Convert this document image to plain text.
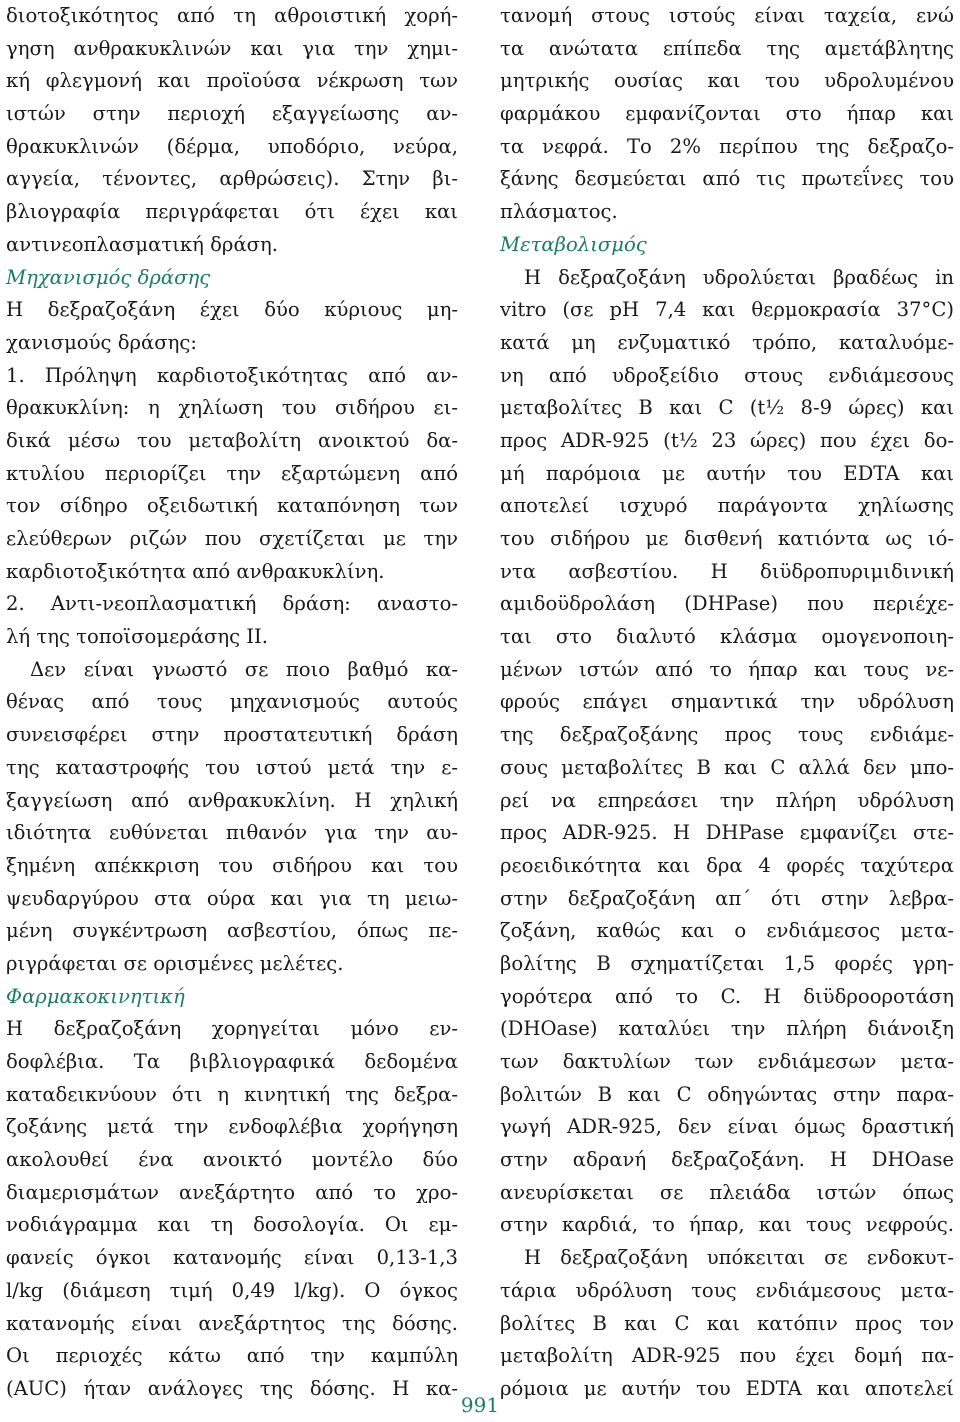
διοτοξικότητος από τη αθροιστική χορή-
γηση ανθρακυκλινών και για την χημι-
κή φλεγμονή και προϊούσα νέκρωση των
ιστών στην περιοχή εξαγγείωσης αν-
θρακυκλινών (δέρμα, υποδόριο, νεύρα,
αγγεία, τένοντες, αρθρώσεις). Στην βι-
βλιογραφία περιγράφεται ότι έχει και
αντινεοπλασματική δράση.
Μηχανισμός δράσης
Η δεξραζοξάνη έχει δύο κύριους μη-
χανισμούς δράσης:
1. Πρόληψη καρδιοτοξικότητας από αν-
θρακυκλίνη: η χηλίωση του σιδήρου ει-
δικά μέσω του μεταβολίτη ανοικτού δα-
κτυλίου περιορίζει την εξαρτώμενη από
τον σίδηρο οξειδωτική καταπόνηση των
ελεύθερων ριζών που σχετίζεται με την
καρδιοτοξικότητα από ανθρακυκλίνη.
2. Αντι-νεοπλασματική δράση: αναστο-
λή της τοποϊσομεράσης ΙΙ.
Δεν είναι γνωστό σε ποιο βαθμό κα-
θένας από τους μηχανισμούς αυτούς
συνεισφέρει στην προστατευτική δράση
της καταστροφής του ιστού μετά την ε-
ξαγγείωση από ανθρακυκλίνη. Η χηλική
ιδιότητα ευθύνεται πιθανόν για την αυ-
ξημένη απέκκριση του σιδήρου και του
ψευδαργύρου στα ούρα και για τη μειω-
μένη συγκέντρωση ασβεστίου, όπως πε-
ριγράφεται σε ορισμένες μελέτες.
Φαρμακοκινητική
Η δεξραζοξάνη χορηγείται μόνο εν-
δοφλέβια. Τα βιβλιογραφικά δεδομένα
καταδεικνύουν ότι η κινητική της δεξρα-
ζοξάνης μετά την ενδοφλέβια χορήγηση
ακολουθεί ένα ανοικτό μοντέλο δύο
διαμερισμάτων ανεξάρτητο από το χρο-
νοδιάγραμμα και τη δοσολογία. Οι εμ-
φανείς όγκοι κατανομής είναι 0,13-1,3
l/kg (διάμεση τιμή 0,49 l/kg). Ο όγκος
κατανομής είναι ανεξάρτητος της δόσης.
Οι περιοχές κάτω από την καμπύλη
(AUC) ήταν ανάλογες της δόσης. Η κα-
τανομή στους ιστούς είναι ταχεία, ενώ
τα ανώτατα επίπεδα της αμετάβλητης
μητρικής ουσίας και του υδρολυμένου
φαρμάκου εμφανίζονται στο ήπαρ και
τα νεφρά. Το 2% περίπου της δεξραζο-
ξάνης δεσμεύεται από τις πρωτεΐνες του
πλάσματος.
Μεταβολισμός
Η δεξραζοξάνη υδρολύεται βραδέως in
vitro (σε pH 7,4 και θερμοκρασία 37°C)
κατά μη ενζυματικό τρόπο, καταλυόμε-
νη από υδροξείδιο στους ενδιάμεσους
μεταβολίτες Β και C (t½ 8-9 ώρες) και
προς ADR-925 (t½ 23 ώρες) που έχει δο-
μή παρόμοια με αυτήν του EDTA και
αποτελεί ισχυρό παράγοντα χηλίωσης
του σιδήρου με δισθενή κατιόντα ως ιό-
ντα ασβεστίου. Η διϋδροπυριμιδινική
αμιδοϋδρολάση (DHPase) που περιέχε-
ται στο διαλυτό κλάσμα ομογενοποιη-
μένων ιστών από το ήπαρ και τους νε-
φρούς επάγει σημαντικά την υδρόλυση
της δεξραζοξάνης προς τους ενδιάμε-
σους μεταβολίτες Β και C αλλά δεν μπο-
ρεί να επηρεάσει την πλήρη υδρόλυση
προς ADR-925. Η DHPase εμφανίζει στε-
ρεοειδικότητα και δρα 4 φορές ταχύτερα
στην δεξραζοξάνη απ΄ ότι στην λεβρα-
ζοξάνη, καθώς και ο ενδιάμεσος μετα-
βολίτης Β σχηματίζεται 1,5 φορές γρη-
γορότερα από το C. Η διϋδροοροτάση
(DHOase) καταλύει την πλήρη διάνοιξη
των δακτυλίων των ενδιάμεσων μετα-
βολιτών Β και C οδηγώντας στην παρα-
γωγή ADR-925, δεν είναι όμως δραστική
στην αδρανή δεξραζοξάνη. Η DHOase
ανευρίσκεται σε πλειάδα ιστών όπως
στην καρδιά, το ήπαρ, και τους νεφρούς.
Η δεξραζοξάνη υπόκειται σε ενδοκυτ-
τάρια υδρόλυση τους ενδιάμεσους μετα-
βολίτες Β και C και κατόπιν προς τον
μεταβολίτη ADR-925 που έχει δομή πα-
ρόμοια με αυτήν του EDTA και αποτελεί
991
